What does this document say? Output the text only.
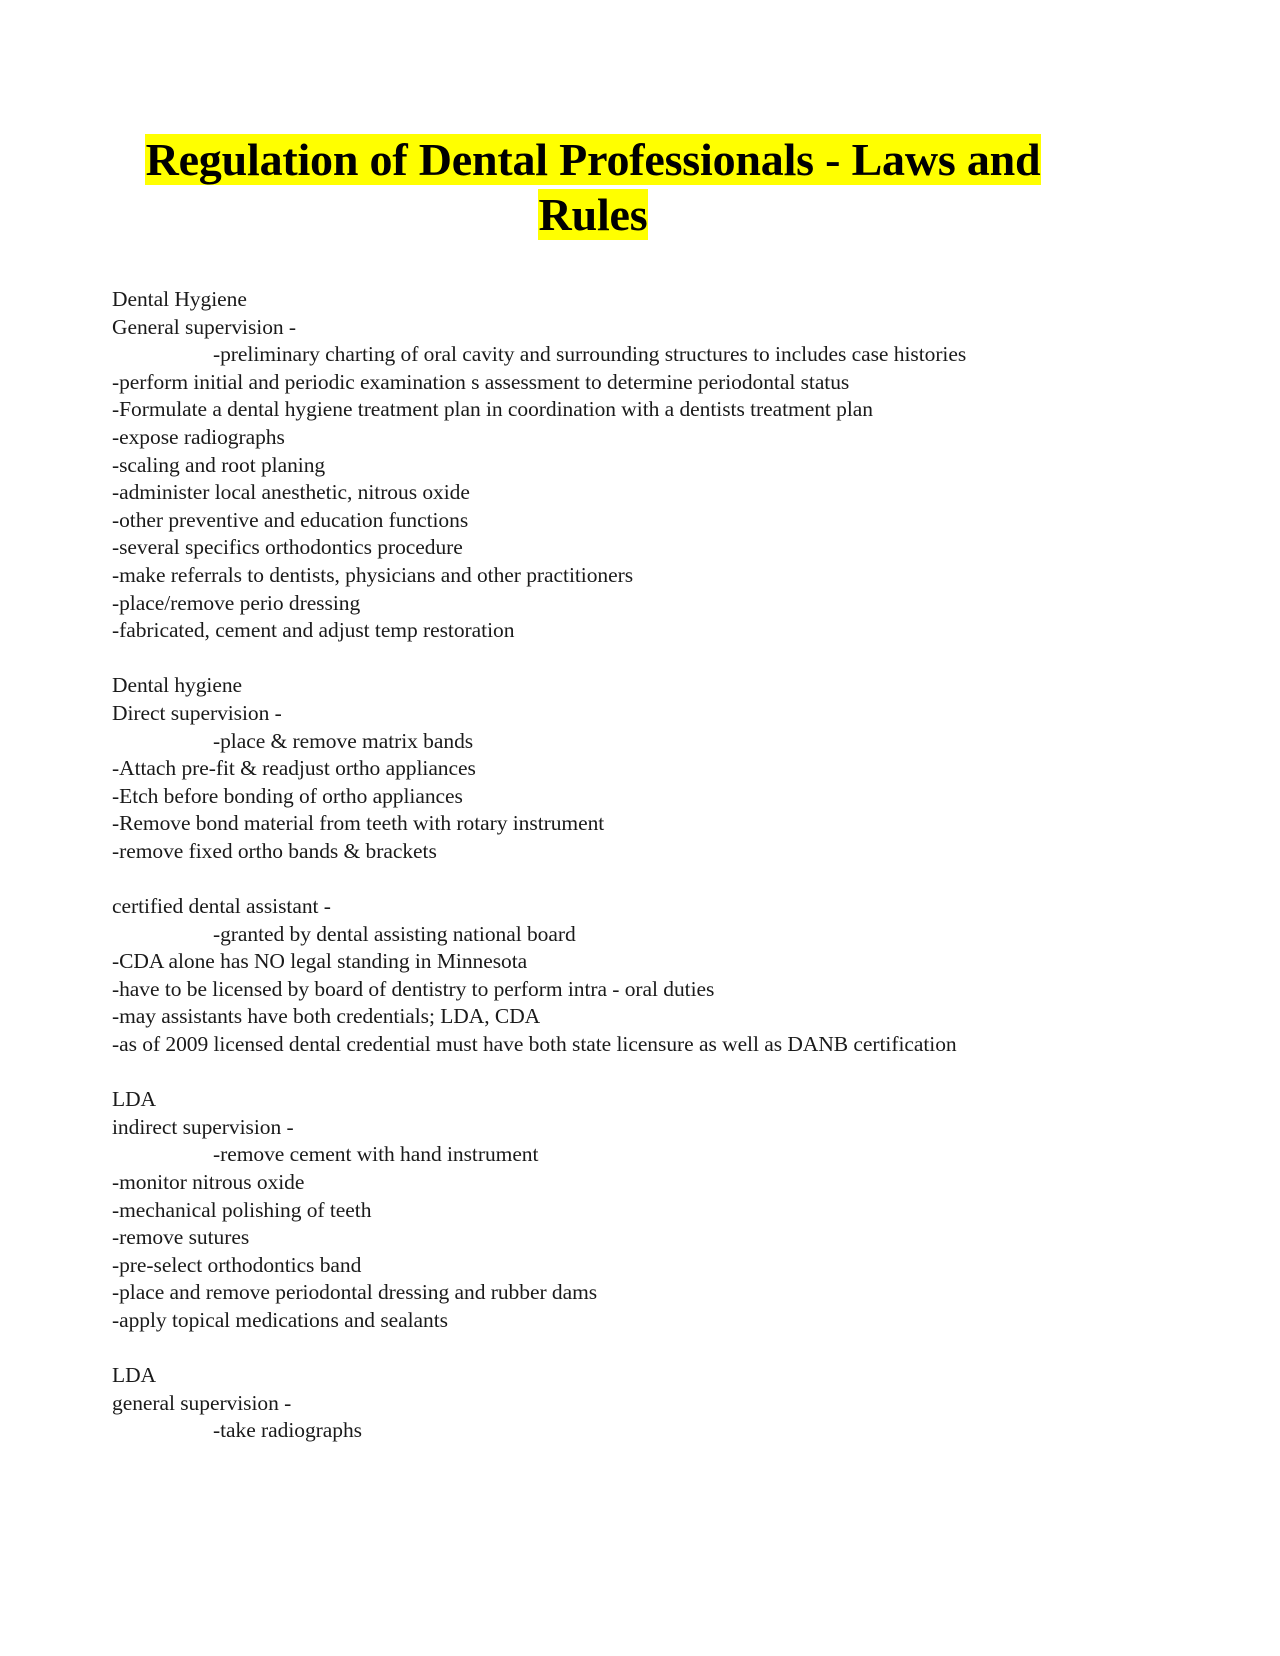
Regulation of Dental Professionals - Laws and Rules
Dental Hygiene
General supervision -
-preliminary charting of oral cavity and surrounding structures to includes case histories
-perform initial and periodic examination s assessment to determine periodontal status
-Formulate a dental hygiene treatment plan in coordination with a dentists treatment plan
-expose radiographs
-scaling and root planing
-administer local anesthetic, nitrous oxide
-other preventive and education functions
-several specifics orthodontics procedure
-make referrals to dentists, physicians and other practitioners
-place/remove perio dressing
-fabricated, cement and adjust temp restoration

Dental hygiene
Direct supervision -
-place & remove matrix bands
-Attach pre-fit & readjust ortho appliances
-Etch before bonding of ortho appliances
-Remove bond material from teeth with rotary instrument
-remove fixed ortho bands & brackets

certified dental assistant -
-granted by dental assisting national board
-CDA alone has NO legal standing in Minnesota
-have to be licensed by board of dentistry to perform intra - oral duties
-may assistants have both credentials; LDA, CDA
-as of 2009 licensed dental credential must have both state licensure as well as DANB certification

LDA
indirect supervision -
-remove cement with hand instrument
-monitor nitrous oxide
-mechanical polishing of teeth
-remove sutures
-pre-select orthodontics band
-place and remove periodontal dressing and rubber dams
-apply topical medications and sealants

LDA
general supervision -
-take radiographs
